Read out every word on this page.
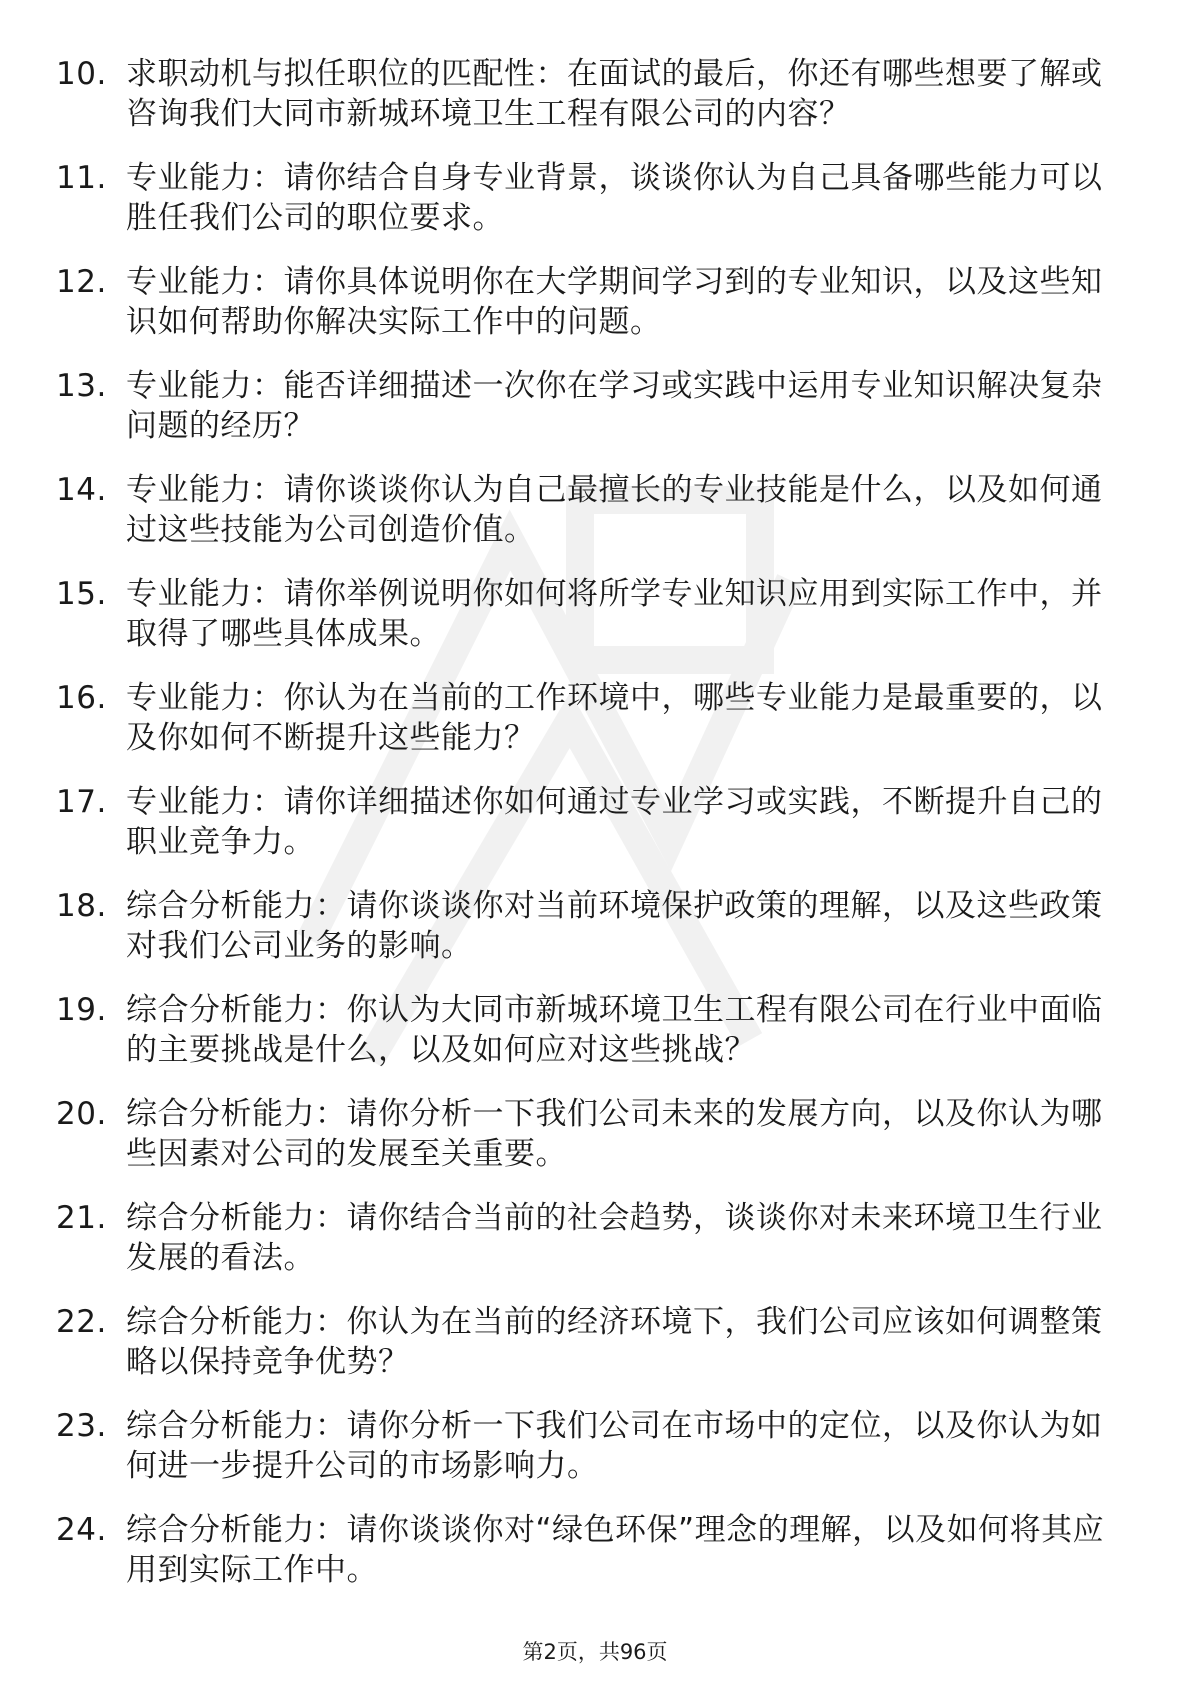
10. 求职动机与拟任职位的匹配性：在面试的最后，你还有哪些想要了解或咨询我们大同市新城环境卫生工程有限公司的内容？
11. 专业能力：请你结合自身专业背景，谈谈你认为自己具备哪些能力可以胜任我们公司的职位要求。
12. 专业能力：请你具体说明你在大学期间学习到的专业知识，以及这些知识如何帮助你解决实际工作中的问题。
13. 专业能力：能否详细描述一次你在学习或实践中运用专业知识解决复杂问题的经历？
14. 专业能力：请你谈谈你认为自己最擅长的专业技能是什么，以及如何通过这些技能为公司创造价值。
15. 专业能力：请你举例说明你如何将所学专业知识应用到实际工作中，并取得了哪些具体成果。
16. 专业能力：你认为在当前的工作环境中，哪些专业能力是最重要的，以及你如何不断提升这些能力？
17. 专业能力：请你详细描述你如何通过专业学习或实践，不断提升自己的职业竞争力。
18. 综合分析能力：请你谈谈你对当前环境保护政策的理解，以及这些政策对我们公司业务的影响。
19. 综合分析能力：你认为大同市新城环境卫生工程有限公司在行业中面临的主要挑战是什么，以及如何应对这些挑战？
20. 综合分析能力：请你分析一下我们公司未来的发展方向，以及你认为哪些因素对公司的发展至关重要。
21. 综合分析能力：请你结合当前的社会趋势，谈谈你对未来环境卫生行业发展的看法。
22. 综合分析能力：你认为在当前的经济环境下，我们公司应该如何调整策略以保持竞争优势？
23. 综合分析能力：请你分析一下我们公司在市场中的定位，以及你认为如何进一步提升公司的市场影响力。
24. 综合分析能力：请你谈谈你对“绿色环保”理念的理解，以及如何将其应用到实际工作中。
第2页，共96页
